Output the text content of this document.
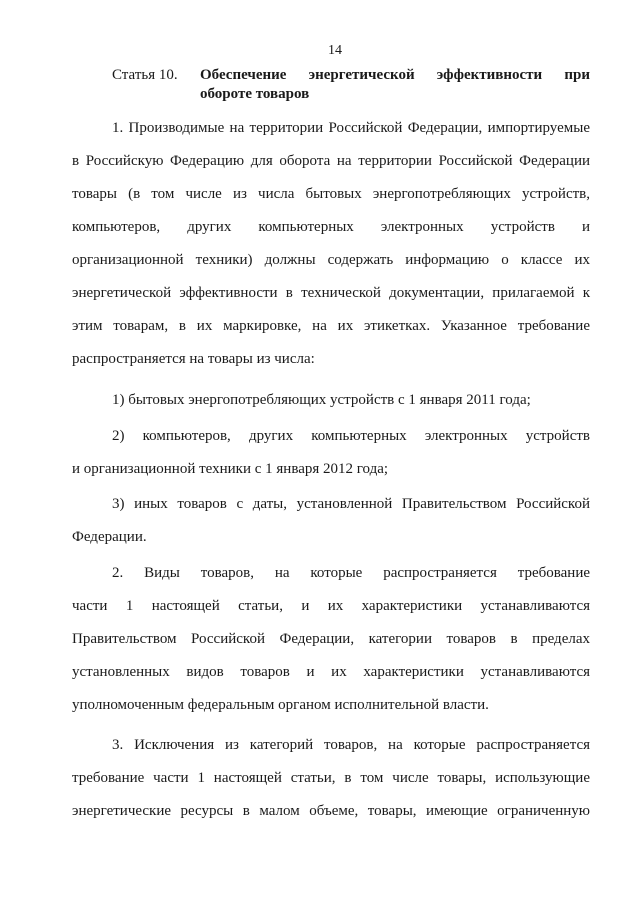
14
Статья 10. Обеспечение энергетической эффективности при
обороте товаров
1. Производимые на территории Российской Федерации, импортируемые
в Российскую Федерацию для оборота на территории Российской Федерации
товары (в том числе из числа бытовых энергопотребляющих устройств,
компьютеров, других компьютерных электронных устройств и
организационной техники) должны содержать информацию о классе их
энергетической эффективности в технической документации, прилагаемой к
этим товарам, в их маркировке, на их этикетках. Указанное требование
распространяется на товары из числа:
1) бытовых энергопотребляющих устройств с 1 января 2011 года;
2) компьютеров, других компьютерных электронных устройств
и организационной техники с 1 января 2012 года;
3) иных товаров с даты, установленной Правительством Российской
Федерации.
2. Виды товаров, на которые распространяется требование
части 1 настоящей статьи, и их характеристики устанавливаются
Правительством Российской Федерации, категории товаров в пределах
установленных видов товаров и их характеристики устанавливаются
уполномоченным федеральным органом исполнительной власти.
3. Исключения из категорий товаров, на которые распространяется
требование части 1 настоящей статьи, в том числе товары, использующие
энергетические ресурсы в малом объеме, товары, имеющие ограниченную
